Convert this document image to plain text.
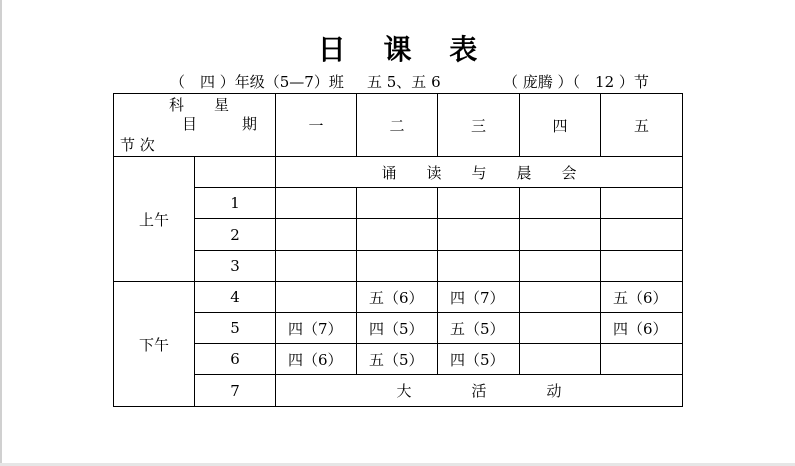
日 课 表
（　四 ）年级（5—7）班 五 5、五 6	（ 庞腾 ）（　12 ）节
科　　星
目　　　期
节 次		一	二	三	四	五
上午		诵　　读　　与　　晨　　会				
	1					
	2					
	3					
下午	4		五（6）	四（7）		五（6）
	5	四（7）	四（5）	五（5）		四（6）
	6	四（6）	五（5）	四（5）		
	7	大　　　　活　　　　动				
